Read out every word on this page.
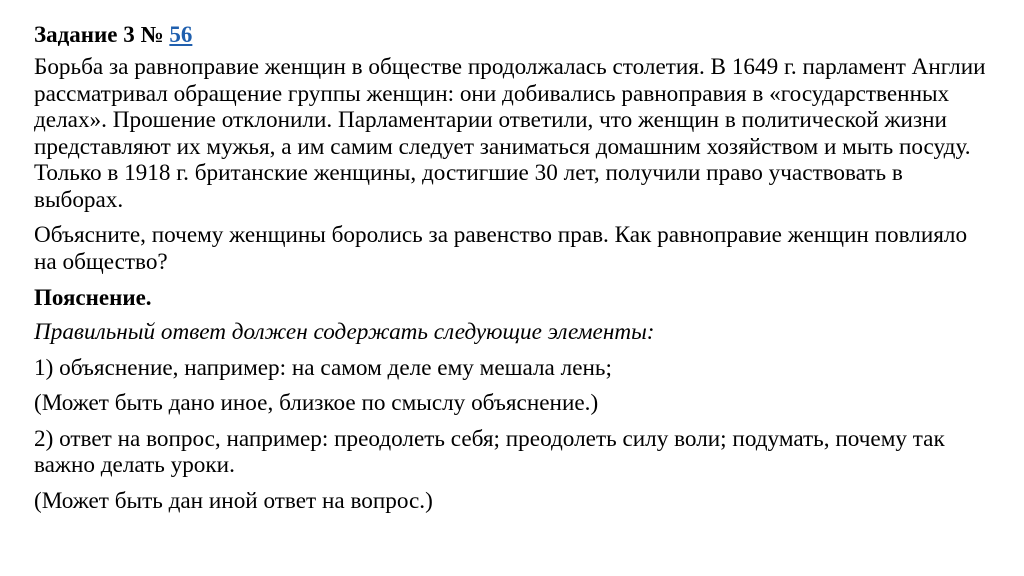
Задание 3 № 56

Борьба за равноправие женщин в обществе продолжалась столетия. В 1649 г. парламент Англии рассматривал обращение группы женщин: они добивались равноправия в «государственных делах». Прошение отклонили. Парламентарии ответили, что женщин в политической жизни представляют их мужья, а им самим следует заниматься домашним хозяйством и мыть посуду. Только в 1918 г. британские женщины, достигшие 30 лет, получили право участвовать в выборах.

Объясните, почему женщины боролись за равенство прав. Как равноправие женщин повлияло на общество?

Пояснение.

Правильный ответ должен содержать следующие элементы:

1) объяснение, например: на самом деле ему мешала лень;

(Может быть дано иное, близкое по смыслу объяснение.)

2) ответ на вопрос, например: преодолеть себя; преодолеть силу воли; подумать, почему так важно делать уроки.

(Может быть дан иной ответ на вопрос.)
